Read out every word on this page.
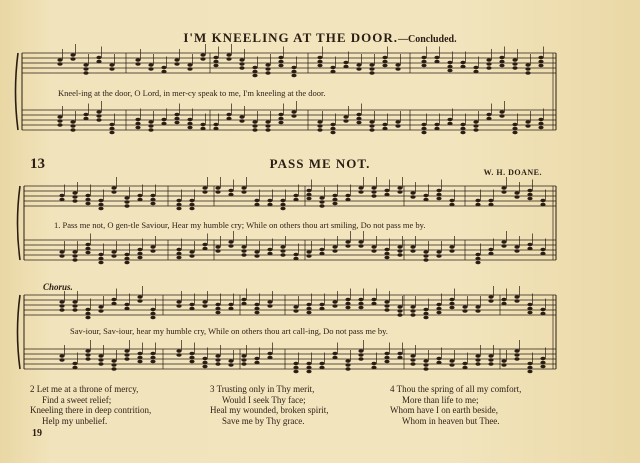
I'M KNEELING AT THE DOOR.—Concluded.
Kneel-ing at the door, O Lord, in mer-cy speak to me, I'm kneeling at the door.
13	PASS ME NOT.
W. H. DOANE.
1. Pass me not, O gen-tle Saviour, Hear my humble cry; While on others thou art smiling, Do not pass me by.
Chorus.
Sav-iour, Sav-iour, hear my humble cry, While on others thou art call-ing, Do not pass me by.
2 Let me at a throne of mercy,
Find a sweet relief;
Kneeling there in deep contrition,
Help my unbelief.
3 Trusting only in Thy merit,
Would I seek Thy face;
Heal my wounded, broken spirit,
Save me by Thy grace.
4 Thou the spring of all my comfort,
More than life to me;
Whom have I on earth beside,
Whom in heaven but Thee.
19
